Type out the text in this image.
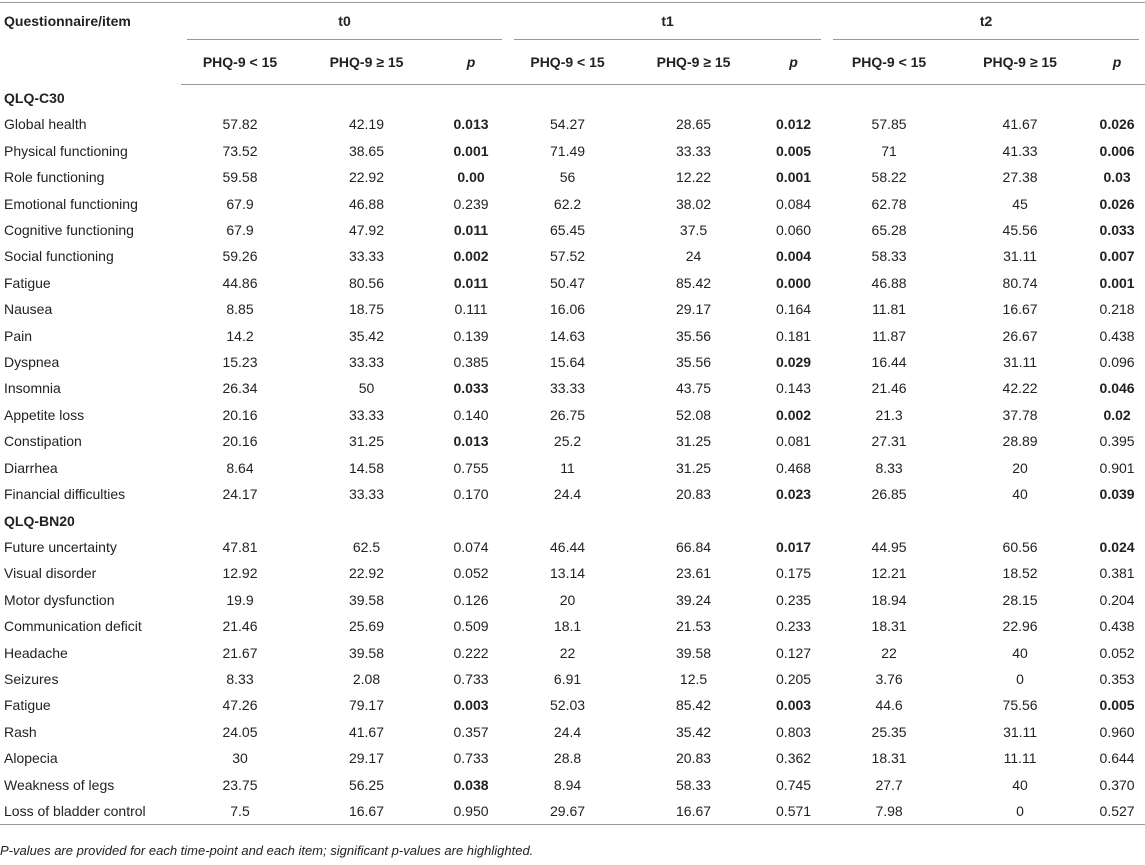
Questionnaire/item	t0			t1			t2		

	PHQ-9 < 15	PHQ-9 ≥ 15	p	PHQ-9 < 15	PHQ-9 ≥ 15	p	PHQ-9 < 15	PHQ-9 ≥ 15	p
QLQ-C30									
Global health	57.82	42.19	0.013	54.27	28.65	0.012	57.85	41.67	0.026
Physical functioning	73.52	38.65	0.001	71.49	33.33	0.005	71	41.33	0.006
Role functioning	59.58	22.92	0.00	56	12.22	0.001	58.22	27.38	0.03
Emotional functioning	67.9	46.88	0.239	62.2	38.02	0.084	62.78	45	0.026
Cognitive functioning	67.9	47.92	0.011	65.45	37.5	0.060	65.28	45.56	0.033
Social functioning	59.26	33.33	0.002	57.52	24	0.004	58.33	31.11	0.007
Fatigue	44.86	80.56	0.011	50.47	85.42	0.000	46.88	80.74	0.001
Nausea	8.85	18.75	0.111	16.06	29.17	0.164	11.81	16.67	0.218
Pain	14.2	35.42	0.139	14.63	35.56	0.181	11.87	26.67	0.438
Dyspnea	15.23	33.33	0.385	15.64	35.56	0.029	16.44	31.11	0.096
Insomnia	26.34	50	0.033	33.33	43.75	0.143	21.46	42.22	0.046
Appetite loss	20.16	33.33	0.140	26.75	52.08	0.002	21.3	37.78	0.02
Constipation	20.16	31.25	0.013	25.2	31.25	0.081	27.31	28.89	0.395
Diarrhea	8.64	14.58	0.755	11	31.25	0.468	8.33	20	0.901
Financial difficulties	24.17	33.33	0.170	24.4	20.83	0.023	26.85	40	0.039
QLQ-BN20									
Future uncertainty	47.81	62.5	0.074	46.44	66.84	0.017	44.95	60.56	0.024
Visual disorder	12.92	22.92	0.052	13.14	23.61	0.175	12.21	18.52	0.381
Motor dysfunction	19.9	39.58	0.126	20	39.24	0.235	18.94	28.15	0.204
Communication deficit	21.46	25.69	0.509	18.1	21.53	0.233	18.31	22.96	0.438
Headache	21.67	39.58	0.222	22	39.58	0.127	22	40	0.052
Seizures	8.33	2.08	0.733	6.91	12.5	0.205	3.76	0	0.353
Fatigue	47.26	79.17	0.003	52.03	85.42	0.003	44.6	75.56	0.005
Rash	24.05	41.67	0.357	24.4	35.42	0.803	25.35	31.11	0.960
Alopecia	30	29.17	0.733	28.8	20.83	0.362	18.31	11.11	0.644
Weakness of legs	23.75	56.25	0.038	8.94	58.33	0.745	27.7	40	0.370
Loss of bladder control	7.5	16.67	0.950	29.67	16.67	0.571	7.98	0	0.527
P-values are provided for each time-point and each item; significant p-values are highlighted.
